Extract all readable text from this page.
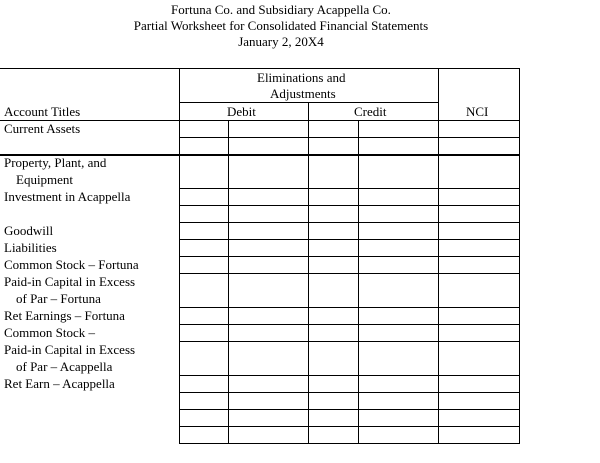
Fortuna Co. and Subsidiary Acappella Co.
Partial Worksheet for Consolidated Financial Statements
January 2, 20X4
Eliminations and
Adjustments
Account Titles	Debit	Credit	NCI
Current Assets
Property, Plant, and
Equipment
Investment in Acappella
Goodwill
Liabilities
Common Stock – Fortuna
Paid-in Capital in Excess
of Par – Fortuna
Ret Earnings – Fortuna
Common Stock –
Paid-in Capital in Excess
of Par – Acappella
Ret Earn – Acappella
